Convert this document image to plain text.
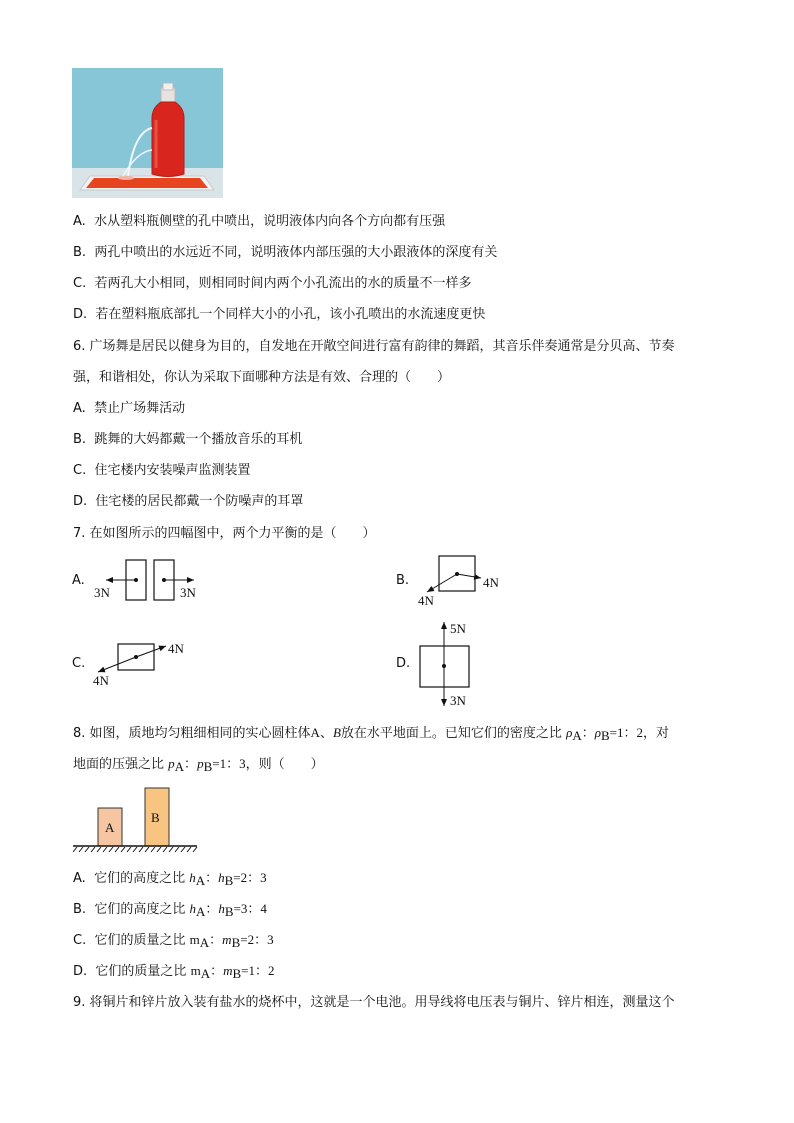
A. 水从塑料瓶侧壁的孔中喷出，说明液体内向各个方向都有压强
B. 两孔中喷出的水远近不同，说明液体内部压强的大小跟液体的深度有关
C. 若两孔大小相同，则相同时间内两个小孔流出的水的质量不一样多
D. 若在塑料瓶底部扎一个同样大小的小孔，该小孔喷出的水流速度更快
6. 广场舞是居民以健身为目的，自发地在开敞空间进行富有韵律的舞蹈，其音乐伴奏通常是分贝高、节奏
强，和谐相处，你认为采取下面哪种方法是有效、合理的（　　）
A. 禁止广场舞活动
B. 跳舞的大妈都戴一个播放音乐的耳机
C. 住宅楼内安装噪声监测装置
D. 住宅楼的居民都戴一个防噪声的耳罩
7. 在如图所示的四幅图中，两个力平衡的是（　　）
A.
3N	3N
B.	4N
4N
C.
4N
4N
D.
5N
3N
8. 如图，质地均匀粗细相同的实心圆柱体A、B放在水平地面上。已知它们的密度之比 $\rho_A$：$\rho_B=1$：2，对
地面的压强之比 $p_A$：$p_B=1$：3，则（　　）
A
B
A. 它们的高度之比 $h_A$：$h_B=2$：3
B. 它们的高度之比 $h_A$：$h_B=3$：4
C. 它们的质量之比 $m_A$：$m_B=2$：3
D. 它们的质量之比 $m_A$：$m_B=1$：2
9. 将铜片和锌片放入装有盐水的烧杯中，这就是一个电池。用导线将电压表与铜片、锌片相连，测量这个
